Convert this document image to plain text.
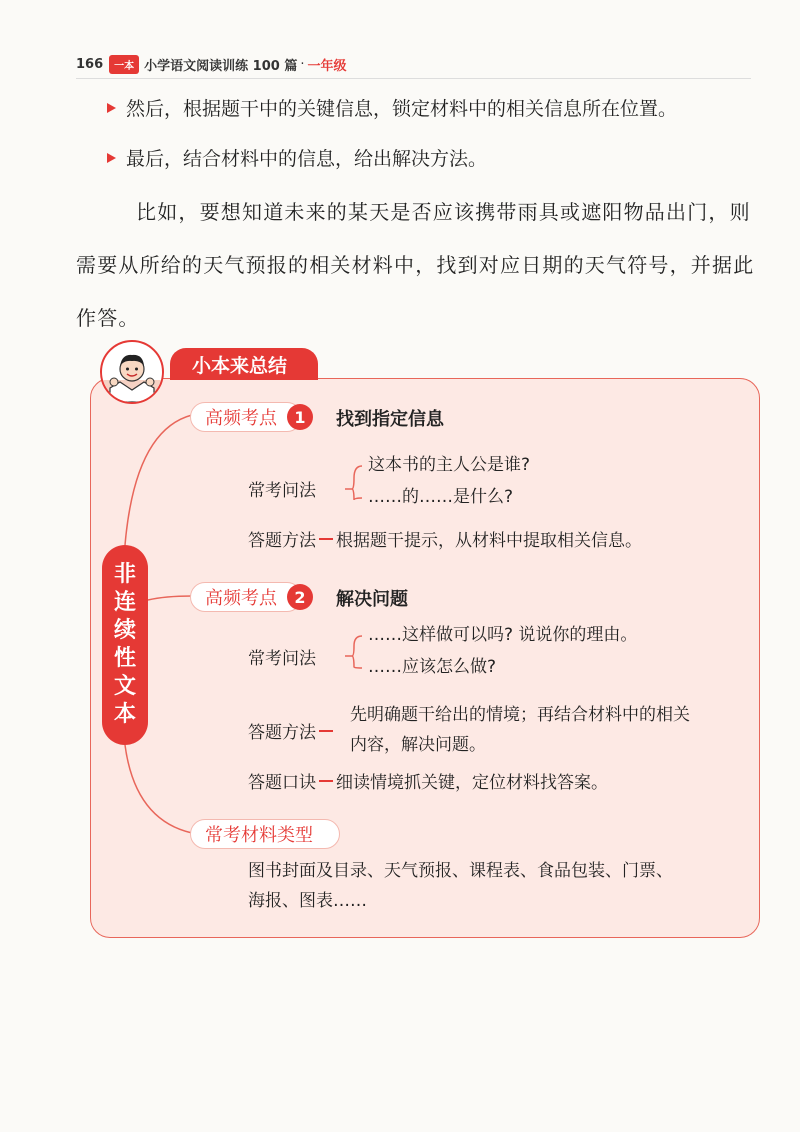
166	一本 小学语文阅读训练 100 篇 · 一年级
然后，根据题干中的关键信息，锁定材料中的相关信息所在位置。
最后，结合材料中的信息，给出解决方法。
比如，要想知道未来的某天是否应该携带雨具或遮阳物品出门，则需要从所给的天气预报的相关材料中，找到对应日期的天气符号，并据此作答。
小本来总结
非
连
续
性
文
本
高频考点	1	找到指定信息
常考问法
这本书的主人公是谁?
……的……是什么?
答题方法 根据题干提示，从材料中提取相关信息。
高频考点	2	解决问题
常考问法
……这样做可以吗? 说说你的理由。
……应该怎么做?
答题方法
先明确题干给出的情境；再结合材料中的相关
内容，解决问题。
答题口诀 细读情境抓关键，定位材料找答案。
常考材料类型
图书封面及目录、天气预报、课程表、食品包装、门票、
海报、图表……
